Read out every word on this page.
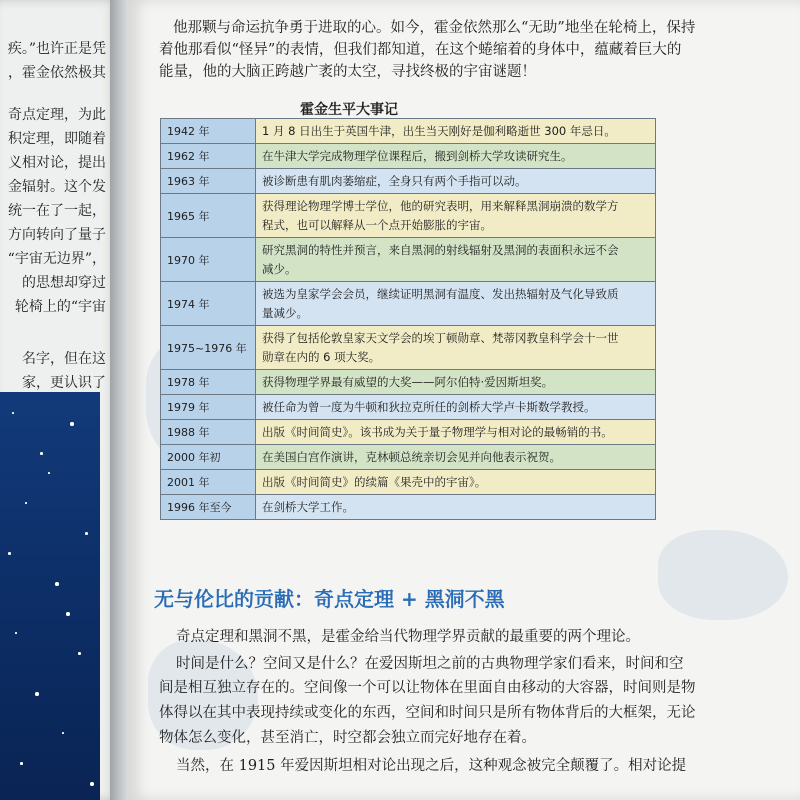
疾。”也许正是凭
，霍金依然极其
奇点定理，为此
积定理，即随着
义相对论，提出
金辐射。这个发
统一在了一起，
方向转向了量子
“宇宙无边界”，
的思想却穿过
轮椅上的“宇宙
名字，但在这
家，更认识了
他那颗与命运抗争勇于进取的心。如今，霍金依然那么“无助”地坐在轮椅上，保持
着他那看似“怪异”的表情，但我们都知道，在这个蜷缩着的身体中，蕴藏着巨大的
能量，他的大脑正跨越广袤的太空，寻找终极的宇宙谜题！
霍金生平大事记
1942 年	1 月 8 日出生于英国牛津，出生当天刚好是伽利略逝世 300 年忌日。

1962 年	在牛津大学完成物理学位课程后，搬到剑桥大学攻读研究生。

1963 年	被诊断患有肌肉萎缩症，全身只有两个手指可以动。

1965 年	获得理论物理学博士学位，他的研究表明，用来解释黑洞崩溃的数学方
程式，也可以解释从一个点开始膨胀的宇宙。

1970 年	研究黑洞的特性并预言，来自黑洞的射线辐射及黑洞的表面积永远不会
减少。

1974 年	被选为皇家学会会员，继续证明黑洞有温度、发出热辐射及气化导致质
量减少。

1975~1976 年	获得了包括伦敦皇家天文学会的埃丁顿勋章、梵蒂冈教皇科学会十一世
勋章在内的 6 项大奖。

1978 年	获得物理学界最有威望的大奖——阿尔伯特·爱因斯坦奖。

1979 年	被任命为曾一度为牛顿和狄拉克所任的剑桥大学卢卡斯数学教授。

1988 年	出版《时间简史》。该书成为关于量子物理学与相对论的最畅销的书。

2000 年初	在美国白宫作演讲，克林顿总统亲切会见并向他表示祝贺。

2001 年	出版《时间简史》的续篇《果壳中的宇宙》。

1996 年至今	在剑桥大学工作。
无与伦比的贡献：奇点定理 + 黑洞不黑
奇点定理和黑洞不黑，是霍金给当代物理学界贡献的最重要的两个理论。
时间是什么？空间又是什么？在爱因斯坦之前的古典物理学家们看来，时间和空
间是相互独立存在的。空间像一个可以让物体在里面自由移动的大容器，时间则是物
体得以在其中表现持续或变化的东西，空间和时间只是所有物体背后的大框架，无论
物体怎么变化，甚至消亡，时空都会独立而完好地存在着。
当然，在 1915 年爱因斯坦相对论出现之后，这种观念被完全颠覆了。相对论提
